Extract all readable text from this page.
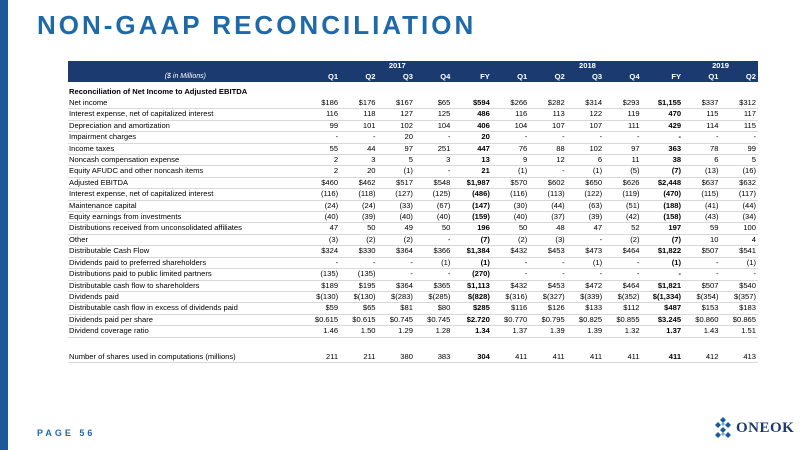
NON-GAAP RECONCILIATION
	2017					2018					2019	
($ in Millions)	Q1	Q2	Q3	Q4	FY	Q1	Q2	Q3	Q4	FY	Q1	Q2
Reconciliation of Net Income to Adjusted EBITDA												
Net income	$186	$176	$167	$65	$594	$266	$282	$314	$293	$1,155	$337	$312
Interest expense, net of capitalized interest	116	118	127	125	486	116	113	122	119	470	115	117
Depreciation and amortization	99	101	102	104	406	104	107	107	111	429	114	115
Impairment charges	-	-	20	-	20	-	-	-	-	-	-	-
Income taxes	55	44	97	251	447	76	88	102	97	363	78	99
Noncash compensation expense	2	3	5	3	13	9	12	6	11	38	6	5
Equity AFUDC and other noncash items	2	20	(1)	-	21	(1)	-	(1)	(5)	(7)	(13)	(16)
Adjusted EBITDA	$460	$462	$517	$548	$1,987	$570	$602	$650	$626	$2,448	$637	$632
Interest expense, net of capitalized interest	(116)	(118)	(127)	(125)	(486)	(116)	(113)	(122)	(119)	(470)	(115)	(117)
Maintenance capital	(24)	(24)	(33)	(67)	(147)	(30)	(44)	(63)	(51)	(188)	(41)	(44)
Equity earnings from investments	(40)	(39)	(40)	(40)	(159)	(40)	(37)	(39)	(42)	(158)	(43)	(34)
Distributions received from unconsolidated affiliates	47	50	49	50	196	50	48	47	52	197	59	100
Other	(3)	(2)	(2)	-	(7)	(2)	(3)	-	(2)	(7)	10	4
Distributable Cash Flow	$324	$330	$364	$366	$1,384	$432	$453	$473	$464	$1,822	$507	$541
Dividends paid to preferred shareholders	-	-	-	(1)	(1)	-	-	(1)	-	(1)	-	(1)
Distributions paid to public limited partners	(135)	(135)	-	-	(270)	-	-	-	-	-	-	-
Distributable cash flow to shareholders	$189	$195	$364	$365	$1,113	$432	$453	$472	$464	$1,821	$507	$540
Dividends paid	$(130)	$(130)	$(283)	$(285)	$(828)	$(316)	$(327)	$(339)	$(352)	$(1,334)	$(354)	$(357)
Distributable cash flow in excess of dividends paid	$59	$65	$81	$80	$285	$116	$126	$133	$112	$487	$153	$183
Dividends paid per share	$0.615	$0.615	$0.745	$0.745	$2.720	$0.770	$0.795	$0.825	$0.855	$3.245	$0.860	$0.865
Dividend coverage ratio	1.46	1.50	1.29	1.28	1.34	1.37	1.39	1.39	1.32	1.37	1.43	1.51

Number of shares used in computations (millions)	211	211	380	383	304	411	411	411	411	411	412	413
PAGE 56	ONEOK
